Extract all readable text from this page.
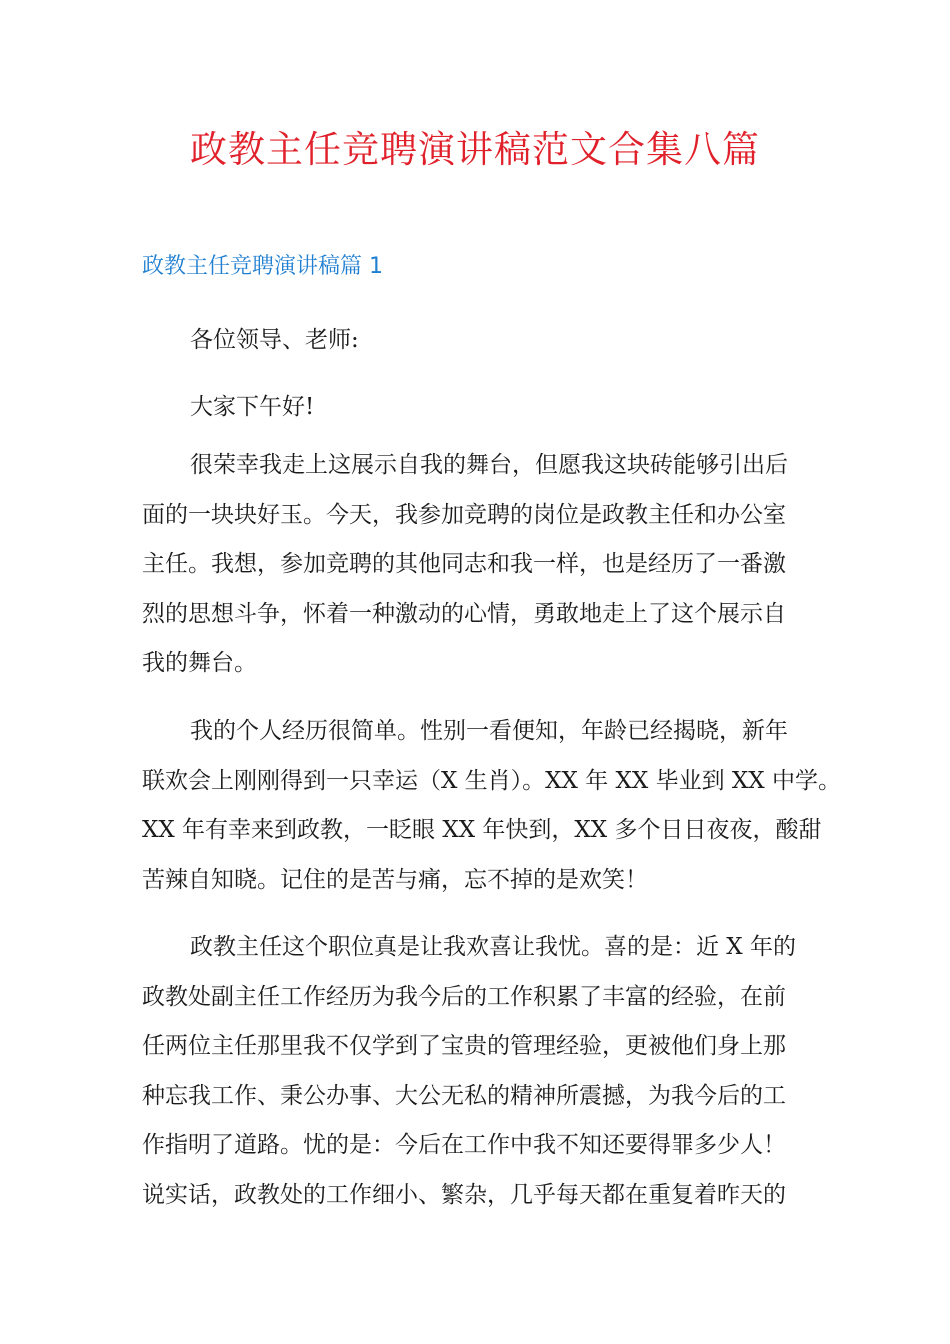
政教主任竞聘演讲稿范文合集八篇
政教主任竞聘演讲稿篇 1

各位领导、老师:

大家下午好!

很荣幸我走上这展示自我的舞台，但愿我这块砖能够引出后
面的一块块好玉。今天，我参加竞聘的岗位是政教主任和办公室
主任。我想，参加竞聘的其他同志和我一样，也是经历了一番激
烈的思想斗争，怀着一种激动的心情，勇敢地走上了这个展示自
我的舞台。

我的个人经历很简单。性别一看便知，年龄已经揭晓，新年
联欢会上刚刚得到一只幸运（X 生肖）。XX 年 XX 毕业到 XX 中学。
XX 年有幸来到政教，一眨眼 XX 年快到，XX 多个日日夜夜，酸甜
苦辣自知晓。记住的是苦与痛，忘不掉的是欢笑！

政教主任这个职位真是让我欢喜让我忧。喜的是：近 X 年的
政教处副主任工作经历为我今后的工作积累了丰富的经验，在前
任两位主任那里我不仅学到了宝贵的管理经验，更被他们身上那
种忘我工作、秉公办事、大公无私的精神所震撼，为我今后的工
作指明了道路。忧的是：今后在工作中我不知还要得罪多少人！
说实话，政教处的工作细小、繁杂，几乎每天都在重复着昨天的
